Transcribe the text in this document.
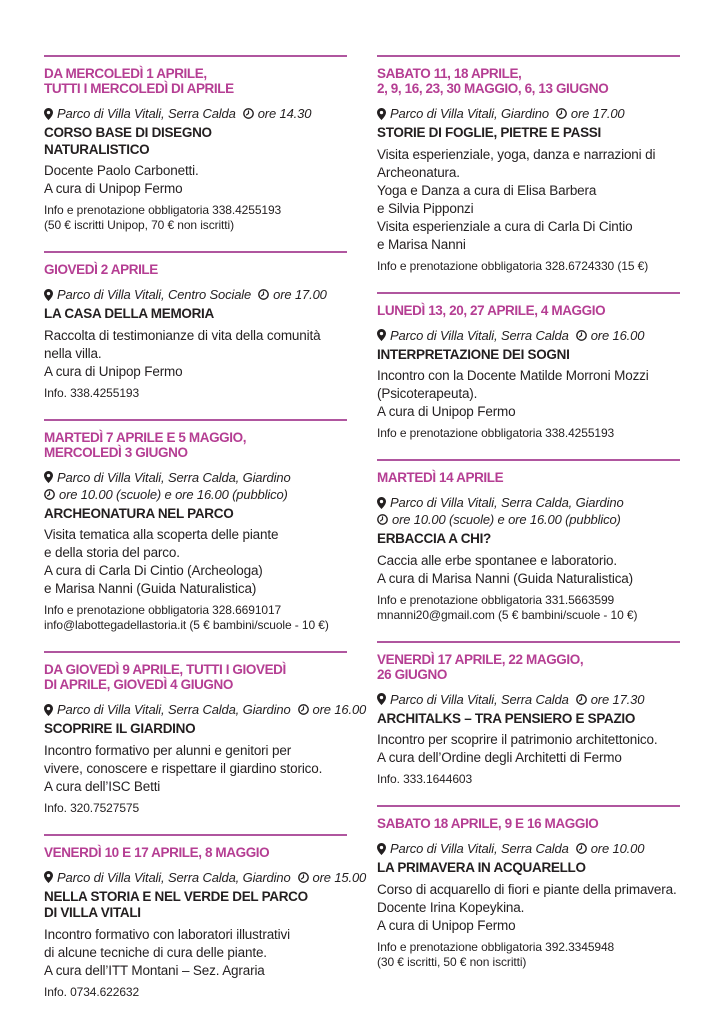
DA MERCOLEDÌ 1 APRILE,
TUTTI I MERCOLEDÌ DI APRILE
Parco di Villa Vitali, Serra Calda ore 14.30
CORSO BASE DI DISEGNO
NATURALISTICO

Docente Paolo Carbonetti.
A cura di Unipop Fermo

Info e prenotazione obbligatoria 338.4255193
(50 € iscritti Unipop, 70 € non iscritti)

GIOVEDÌ 2 APRILE
Parco di Villa Vitali, Centro Sociale ore 17.00
LA CASA DELLA MEMORIA

Raccolta di testimonianze di vita della comunità
nella villa.
A cura di Unipop Fermo

Info. 338.4255193

MARTEDÌ 7 APRILE E 5 MAGGIO,
MERCOLEDÌ 3 GIUGNO
Parco di Villa Vitali, Serra Calda, Giardino
ore 10.00 (scuole) e ore 16.00 (pubblico)
ARCHEONATURA NEL PARCO

Visita tematica alla scoperta delle piante
e della storia del parco.
A cura di Carla Di Cintio (Archeologa)
e Marisa Nanni (Guida Naturalistica)

Info e prenotazione obbligatoria 328.6691017
info@labottegadellastoria.it (5 € bambini/scuole - 10 €)

DA GIOVEDÌ 9 APRILE, TUTTI I GIOVEDÌ
DI APRILE, GIOVEDÌ 4 GIUGNO
Parco di Villa Vitali, Serra Calda, Giardino ore 16.00
SCOPRIRE IL GIARDINO

Incontro formativo per alunni e genitori per
vivere, conoscere e rispettare il giardino storico.
A cura dell’ISC Betti

Info. 320.7527575

VENERDÌ 10 E 17 APRILE, 8 MAGGIO
Parco di Villa Vitali, Serra Calda, Giardino ore 15.00
NELLA STORIA E NEL VERDE DEL PARCO
DI VILLA VITALI

Incontro formativo con laboratori illustrativi
di alcune tecniche di cura delle piante.
A cura dell’ITT Montani – Sez. Agraria

Info. 0734.622632

SABATO 11, 18 APRILE,
2, 9, 16, 23, 30 MAGGIO, 6, 13 GIUGNO
Parco di Villa Vitali, Giardino ore 17.00
STORIE DI FOGLIE, PIETRE E PASSI

Visita esperienziale, yoga, danza e narrazioni di
Archeonatura.
Yoga e Danza a cura di Elisa Barbera
e Silvia Pipponzi
Visita esperienziale a cura di Carla Di Cintio
e Marisa Nanni

Info e prenotazione obbligatoria 328.6724330 (15 €)

LUNEDÌ 13, 20, 27 APRILE, 4 MAGGIO
Parco di Villa Vitali, Serra Calda ore 16.00
INTERPRETAZIONE DEI SOGNI

Incontro con la Docente Matilde Morroni Mozzi
(Psicoterapeuta).
A cura di Unipop Fermo

Info e prenotazione obbligatoria 338.4255193

MARTEDÌ 14 APRILE
Parco di Villa Vitali, Serra Calda, Giardino
ore 10.00 (scuole) e ore 16.00 (pubblico)
ERBACCIA A CHI?

Caccia alle erbe spontanee e laboratorio.
A cura di Marisa Nanni (Guida Naturalistica)

Info e prenotazione obbligatoria 331.5663599
mnanni20@gmail.com (5 € bambini/scuole - 10 €)

VENERDÌ 17 APRILE, 22 MAGGIO,
26 GIUGNO
Parco di Villa Vitali, Serra Calda ore 17.30
ARCHITALKS – TRA PENSIERO E SPAZIO

Incontro per scoprire il patrimonio architettonico.
A cura dell’Ordine degli Architetti di Fermo

Info. 333.1644603

SABATO 18 APRILE, 9 E 16 MAGGIO
Parco di Villa Vitali, Serra Calda ore 10.00
LA PRIMAVERA IN ACQUARELLO

Corso di acquarello di fiori e piante della primavera.
Docente Irina Kopeykina.
A cura di Unipop Fermo

Info e prenotazione obbligatoria 392.3345948
(30 € iscritti, 50 € non iscritti)
